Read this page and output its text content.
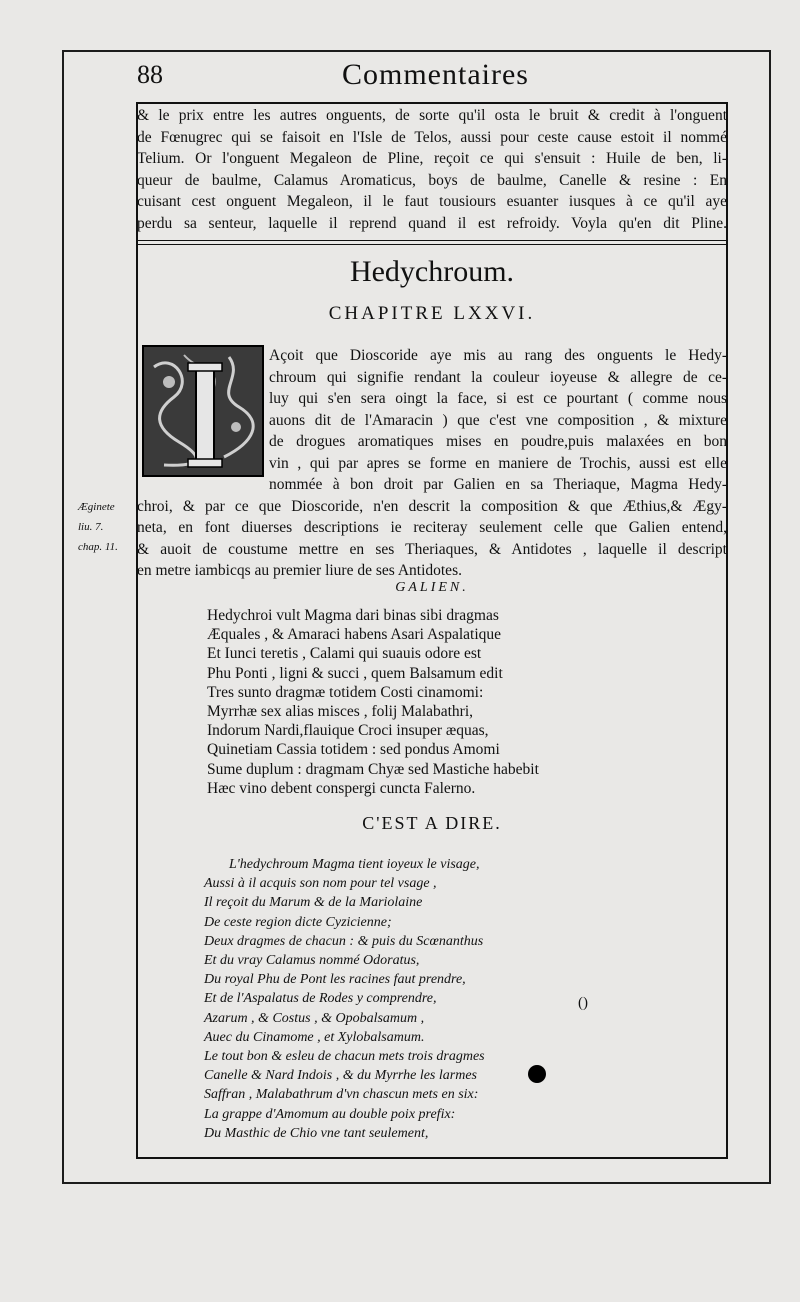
88	Commentaires
& le prix entre les autres onguents, de sorte qu'il osta le bruit & credit à l'onguent
de Fœnugrec qui se faisoit en l'Isle de Telos, aussi pour ceste cause estoit il nommé
Telium. Or l'onguent Megaleon de Pline, reçoit ce qui s'ensuit : Huile de ben, li-
queur de baulme, Calamus Aromaticus, boys de baulme, Canelle & resine : En
cuisant cest onguent Megaleon, il le faut tousiours esuanter iusques à ce qu'il aye
perdu sa senteur, laquelle il reprend quand il est refroidy. Voyla qu'en dit Pline.
Hedychroum.
CHAPITRE LXXVI.
Açoit que Dioscoride aye mis au rang des onguents le Hedy-
chroum qui signifie rendant la couleur ioyeuse & allegre de ce-
luy qui s'en sera oingt la face, si est ce pourtant ( comme nous
auons dit de l'Amaracin ) que c'est vne composition , & mixture
de drogues aromatiques mises en poudre,puis malaxées en bon
vin , qui par apres se forme en maniere de Trochis, aussi est elle
nommée à bon droit par Galien en sa Theriaque, Magma Hedy-
chroi, & par ce que Dioscoride, n'en descrit la composition & que Æthius,& Ægy-
neta, en font diuerses descriptions ie reciteray seulement celle que Galien entend,
& auoit de coustume mettre en ses Theriaques, & Antidotes , laquelle il descript
en metre iambicqs au premier liure de ses Antidotes.
Æginete
liu. 7.
chap. 11.
GALIEN.
Hedychroi vult Magma dari binas sibi dragmas
Æquales , & Amaraci habens Asari Aspalatique
Et Iunci teretis , Calami qui suauis odore est
Phu Ponti , ligni & succi , quem Balsamum edit
Tres sunto dragmæ totidem Costi cinamomi:
Myrrhæ sex alias misces , folij Malabathri,
Indorum Nardi,flauique Croci insuper æquas,
Quinetiam Cassia totidem : sed pondus Amomi
Sume duplum : dragmam Chyæ sed Mastiche habebit
Hæc vino debent conspergi cuncta Falerno.
C'EST A DIRE.
L'hedychroum Magma tient ioyeux le visage,
Aussi à il acquis son nom pour tel vsage ,
Il reçoit du Marum & de la Mariolaine
De ceste region dicte Cyzicienne;
Deux dragmes de chacun : & puis du Scœnanthus
Et du vray Calamus nommé Odoratus,
Du royal Phu de Pont les racines faut prendre,
Et de l'Aspalatus de Rodes y comprendre,
Azarum , & Costus , & Opobalsamum ,
Auec du Cinamome , et Xylobalsamum.
Le tout bon & esleu de chacun mets trois dragmes
Canelle & Nard Indois , & du Myrrhe les larmes
Saffran , Malabathrum d'vn chascun mets en six:
La grappe d'Amomum au double poix prefix:
Du Masthic de Chio vne tant seulement,
()
